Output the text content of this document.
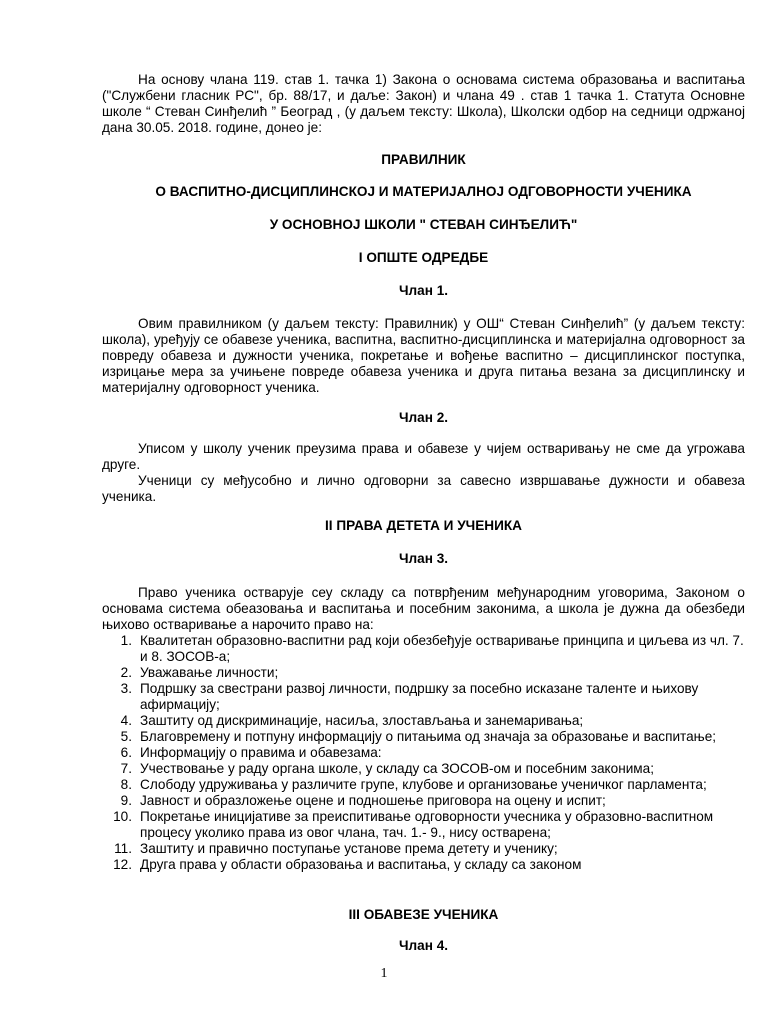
На основу члана 119. став 1. тачка 1) Закона о основама система образовања и васпитања ("Службени гласник РС", бр. 88/17, и даље: Закон) и члана 49 . став 1 тачка 1. Статута Основне школе “ Стеван Синђелић ” Београд , (у даљем тексту: Школа), Школски одбор на седници одржаној дана 30.05. 2018. године, донео је:

ПРАВИЛНИК

О ВАСПИТНО-ДИСЦИПЛИНСКОЈ И МАТЕРИЈАЛНОЈ ОДГОВОРНОСТИ УЧЕНИКА

У ОСНОВНОЈ ШКОЛИ " СТЕВАН СИНЂЕЛИЋ"

I ОПШТЕ ОДРЕДБЕ

Члан 1.

Овим правилником (у даљем тексту: Правилник) у ОШ“ Стеван Синђелић” (у даљем тексту: школа), уређују се обавезе ученика, васпитна, васпитно-дисциплинска и материјална одговорност за повреду обавеза и дужности ученика, покретање и вођење васпитно – дисциплинског поступка, изрицање мера за учињене повреде обавеза ученика и друга питања везана за дисциплинску и материјалну одговорност ученика.

Члан 2.

Уписом у школу ученик преузима права и обавезе у чијем остваривању не сме да угрожава друге.

Ученици су међусобно и лично одговорни за савесно извршавање дужности и обавеза ученика.

II ПРАВА ДЕТЕТА И УЧЕНИКА

Члан 3.

Право ученика остварује сеу складу са потврђеним међународним уговорима, Законом о основама система обеазовања и васпитања и посебним законима, а школа је дужна да обезбеди њихово остваривање а нарочито право на:

1. Квалитетан образовно-васпитни рад који обезбеђује остваривање принципа и циљева из чл. 7. и 8. ЗОСОВ-а;
2. Уважавање личности;
3. Подршку за свестрани развој личности, подршку за посебно исказане таленте и њихову афирмацију;
4. Заштиту од дискриминације, насиља, злостављања и занемаривања;
5. Благовремену и потпуну информацију о питањима од значаја за образовање и васпитање;
6. Информацију о правима и обавезама:
7. Учествовање у раду органа школе, у складу са ЗОСОВ-ом и посебним законима;
8. Слободу удруживања у различите групе, клубове и организовање ученичког парламента;
9. Јавност и образложење оцене и подношење приговора на оцену и испит;
10. Покретање иницијативе за преиспитивање одговорности учесника у образовно-васпитном процесу уколико права из овог члана, тач. 1.- 9., нису остварена;
11. Заштиту и правично поступање установе према детету и ученику;
12. Друга права у области образовања и васпитања, у складу са законом

III ОБАВЕЗЕ УЧЕНИКА

Члан 4.

1
